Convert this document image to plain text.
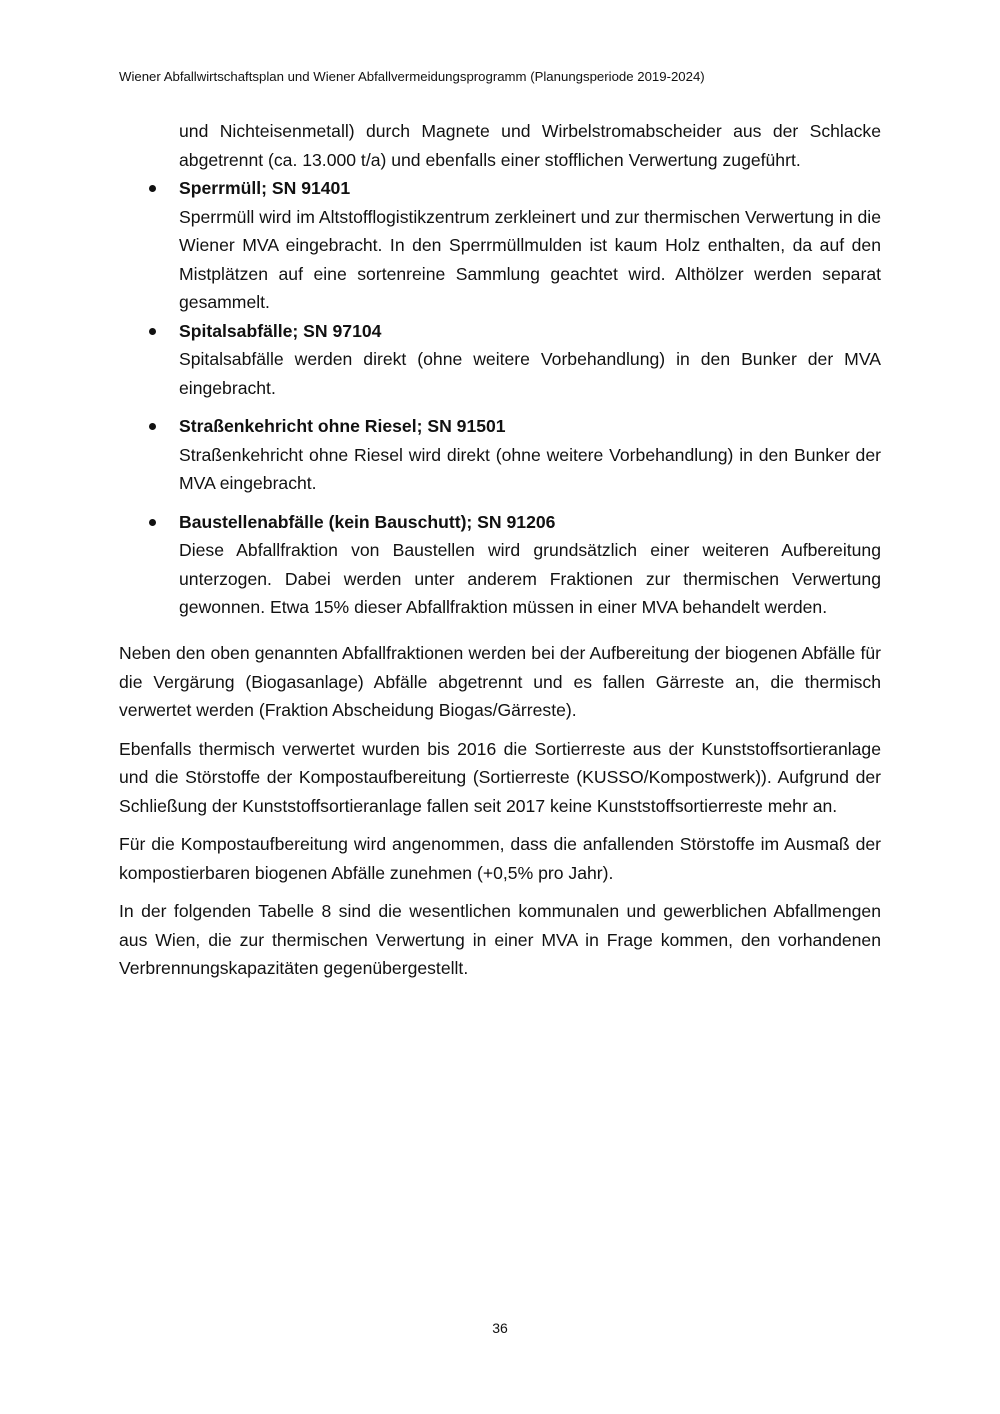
Wiener Abfallwirtschaftsplan und Wiener Abfallvermeidungsprogramm (Planungsperiode 2019-2024)
und Nichteisenmetall) durch Magnete und Wirbelstromabscheider aus der Schlacke abgetrennt (ca. 13.000 t/a) und ebenfalls einer stofflichen Verwertung zugeführt.
Sperrmüll; SN 91401
Sperrmüll wird im Altstofflogistikzentrum zerkleinert und zur thermischen Verwertung in die Wiener MVA eingebracht. In den Sperrmüllmulden ist kaum Holz enthalten, da auf den Mistplätzen auf eine sortenreine Sammlung geachtet wird. Althölzer werden separat gesammelt.
Spitalsabfälle; SN 97104
Spitalsabfälle werden direkt (ohne weitere Vorbehandlung) in den Bunker der MVA eingebracht.
Straßenkehricht ohne Riesel; SN 91501
Straßenkehricht ohne Riesel wird direkt (ohne weitere Vorbehandlung) in den Bunker der MVA eingebracht.
Baustellenabfälle (kein Bauschutt); SN 91206
Diese Abfallfraktion von Baustellen wird grundsätzlich einer weiteren Aufbereitung unterzogen. Dabei werden unter anderem Fraktionen zur thermischen Verwertung gewonnen. Etwa 15% dieser Abfallfraktion müssen in einer MVA behandelt werden.

Neben den oben genannten Abfallfraktionen werden bei der Aufbereitung der biogenen Abfälle für die Vergärung (Biogasanlage) Abfälle abgetrennt und es fallen Gärreste an, die thermisch verwertet werden (Fraktion Abscheidung Biogas/Gärreste).

Ebenfalls thermisch verwertet wurden bis 2016 die Sortierreste aus der Kunststoffsortieranlage und die Störstoffe der Kompostaufbereitung (Sortierreste (KUSSO/Kompostwerk)). Aufgrund der Schließung der Kunststoffsortieranlage fallen seit 2017 keine Kunststoffsortierreste mehr an.

Für die Kompostaufbereitung wird angenommen, dass die anfallenden Störstoffe im Ausmaß der kompostierbaren biogenen Abfälle zunehmen (+0,5% pro Jahr).

In der folgenden Tabelle 8 sind die wesentlichen kommunalen und gewerblichen Abfallmengen aus Wien, die zur thermischen Verwertung in einer MVA in Frage kommen, den vorhandenen Verbrennungskapazitäten gegenübergestellt.

36
